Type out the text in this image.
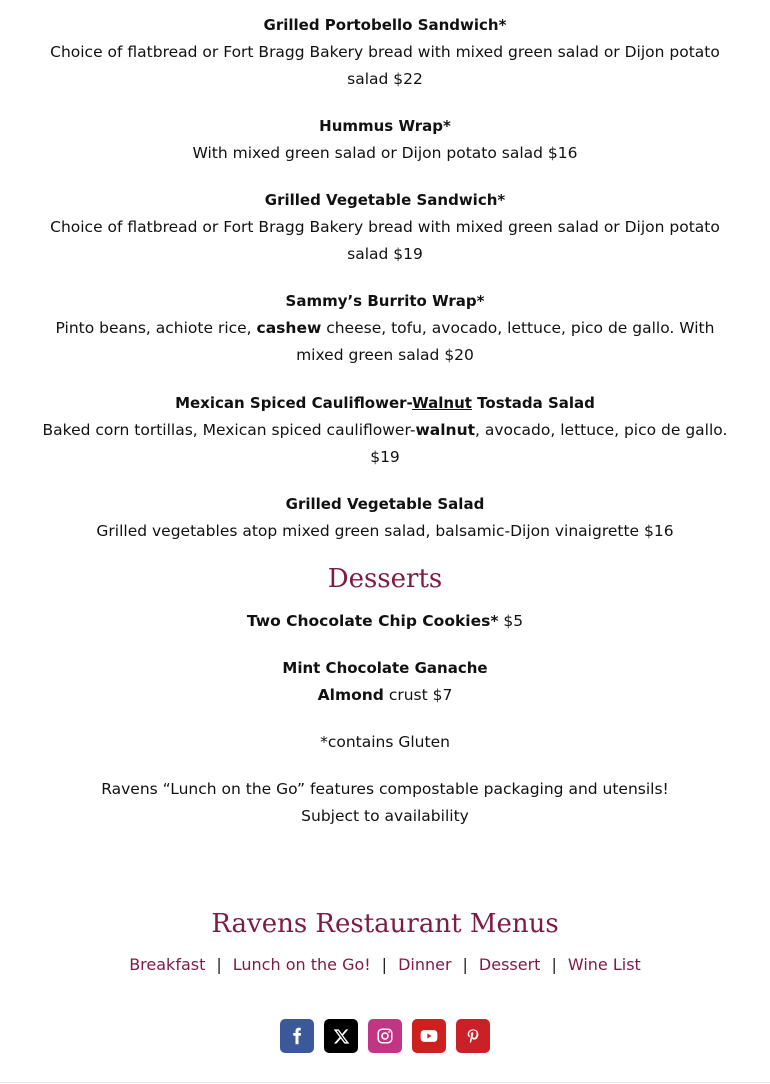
Grilled Portobello Sandwich*
Choice of flatbread or Fort Bragg Bakery bread with mixed green salad or Dijon potato salad $22
Hummus Wrap*
With mixed green salad or Dijon potato salad $16
Grilled Vegetable Sandwich*
Choice of flatbread or Fort Bragg Bakery bread with mixed green salad or Dijon potato salad $19
Sammy’s Burrito Wrap*
Pinto beans, achiote rice, cashew cheese, tofu, avocado, lettuce, pico de gallo. With mixed green salad $20
Mexican Spiced Cauliflower-Walnut Tostada Salad
Baked corn tortillas, Mexican spiced cauliflower-walnut, avocado, lettuce, pico de gallo. $19
Grilled Vegetable Salad
Grilled vegetables atop mixed green salad, balsamic-Dijon vinaigrette $16
Desserts
Two Chocolate Chip Cookies* $5
Mint Chocolate Ganache
Almond crust $7
*contains Gluten
Ravens “Lunch on the Go” features compostable packaging and utensils!
Subject to availability
Ravens Restaurant Menus
Breakfast | Lunch on the Go! | Dinner | Dessert | Wine List
